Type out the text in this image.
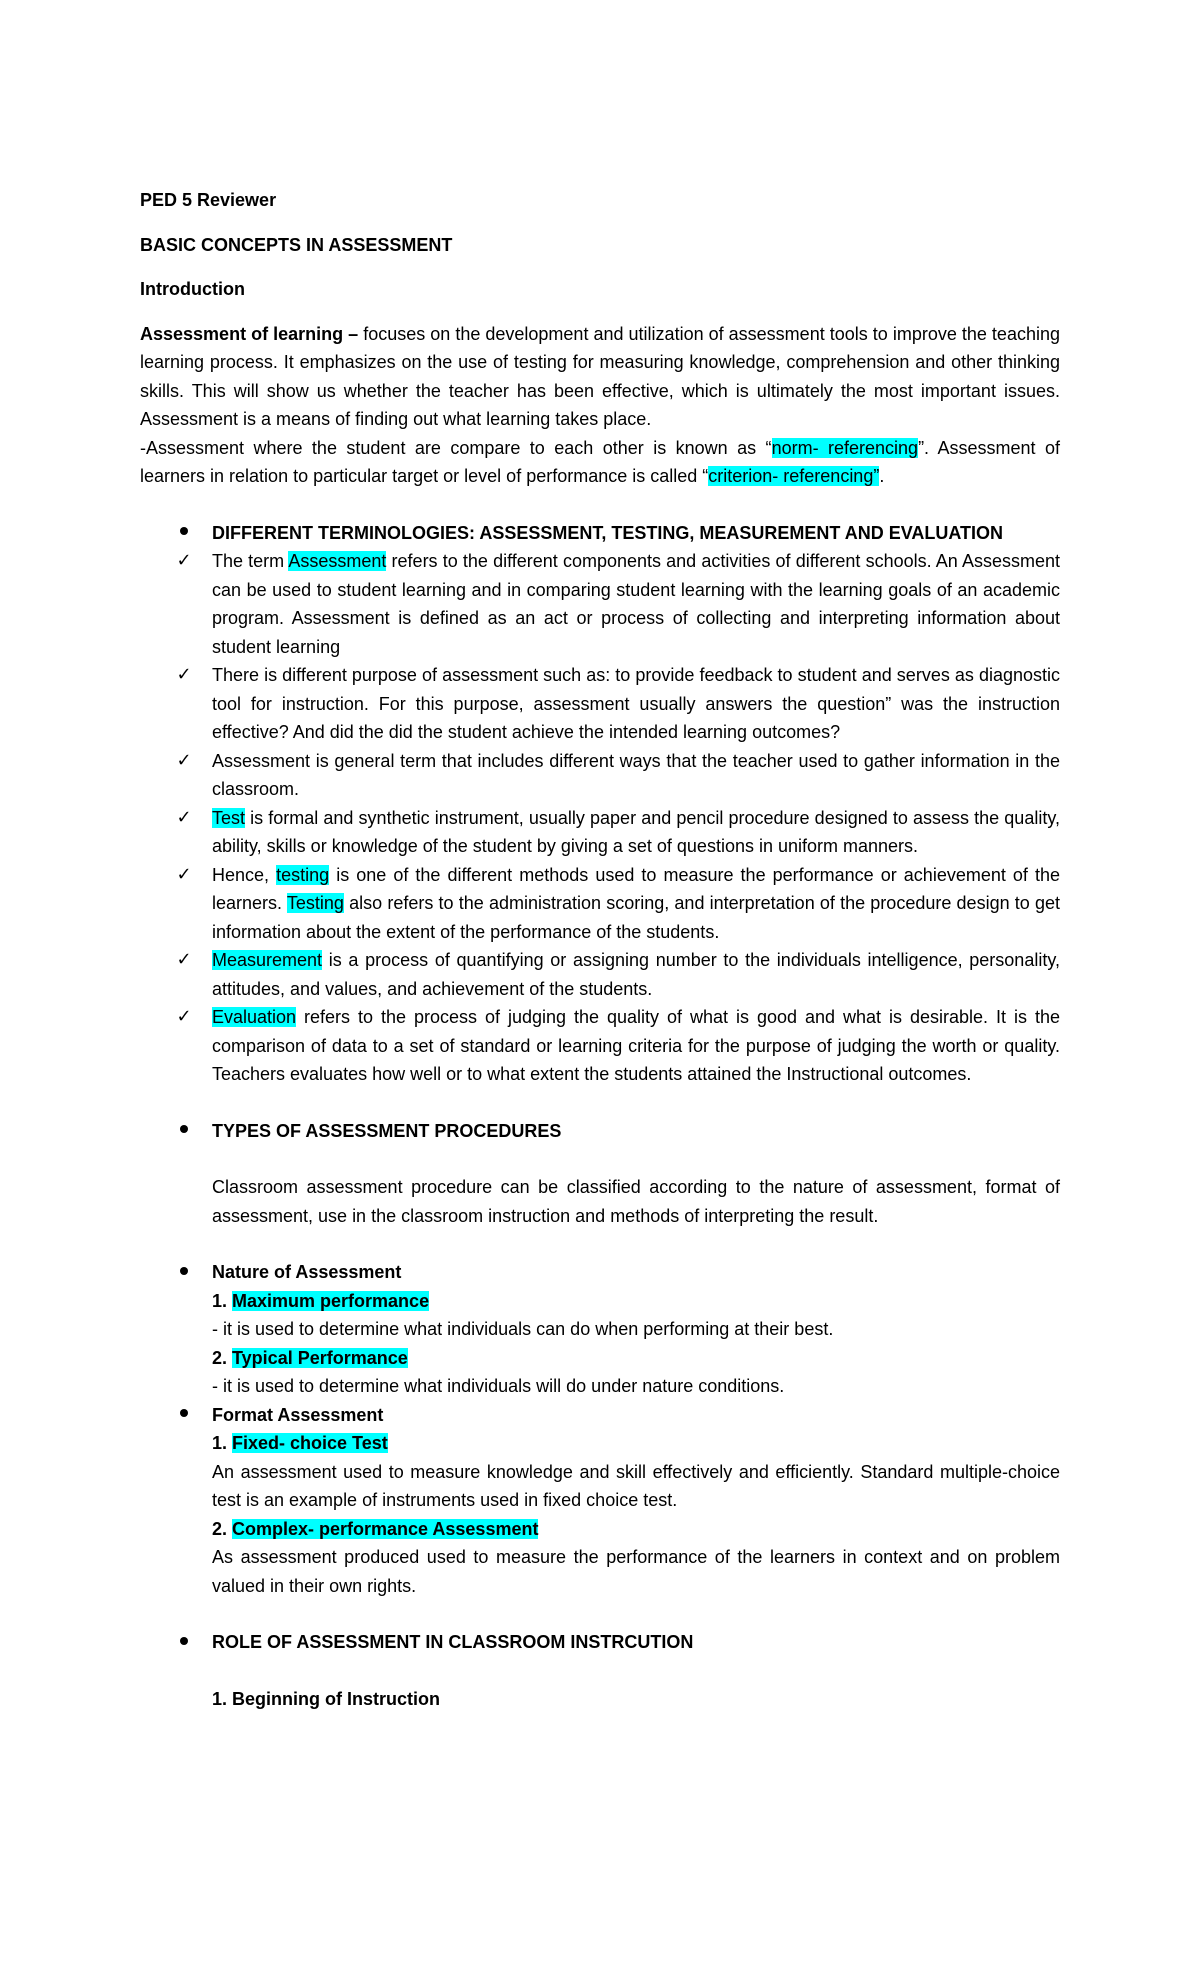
PED 5 Reviewer

BASIC CONCEPTS IN ASSESSMENT

Introduction

Assessment of learning – focuses on the development and utilization of assessment tools to improve the teaching learning process. It emphasizes on the use of testing for measuring knowledge, comprehension and other thinking skills. This will show us whether the teacher has been effective, which is ultimately the most important issues. Assessment is a means of finding out what learning takes place.

-Assessment where the student are compare to each other is known as “norm- referencing”. Assessment of learners in relation to particular target or level of performance is called “criterion- referencing”.

DIFFERENT TERMINOLOGIES: ASSESSMENT, TESTING, MEASUREMENT AND EVALUATION
✓ The term Assessment refers to the different components and activities of different schools. An Assessment can be used to student learning and in comparing student learning with the learning goals of an academic program. Assessment is defined as an act or process of collecting and interpreting information about student learning
✓ There is different purpose of assessment such as: to provide feedback to student and serves as diagnostic tool for instruction. For this purpose, assessment usually answers the question” was the instruction effective? And did the did the student achieve the intended learning outcomes?
✓ Assessment is general term that includes different ways that the teacher used to gather information in the classroom.
✓ Test is formal and synthetic instrument, usually paper and pencil procedure designed to assess the quality, ability, skills or knowledge of the student by giving a set of questions in uniform manners.
✓ Hence, testing is one of the different methods used to measure the performance or achievement of the learners. Testing also refers to the administration scoring, and interpretation of the procedure design to get information about the extent of the performance of the students.
✓ Measurement is a process of quantifying or assigning number to the individuals intelligence, personality, attitudes, and values, and achievement of the students.
✓ Evaluation refers to the process of judging the quality of what is good and what is desirable. It is the comparison of data to a set of standard or learning criteria for the purpose of judging the worth or quality. Teachers evaluates how well or to what extent the students attained the Instructional outcomes.
TYPES OF ASSESSMENT PROCEDURES

Classroom assessment procedure can be classified according to the nature of assessment, format of assessment, use in the classroom instruction and methods of interpreting the result.

Nature of Assessment
1. Maximum performance
- it is used to determine what individuals can do when performing at their best.
2. Typical Performance
- it is used to determine what individuals will do under nature conditions.
Format Assessment
1. Fixed- choice Test
An assessment used to measure knowledge and skill effectively and efficiently. Standard multiple-choice test is an example of instruments used in fixed choice test.
2. Complex- performance Assessment
As assessment produced used to measure the performance of the learners in context and on problem valued in their own rights.
ROLE OF ASSESSMENT IN CLASSROOM INSTRCUTION

1. Beginning of Instruction
